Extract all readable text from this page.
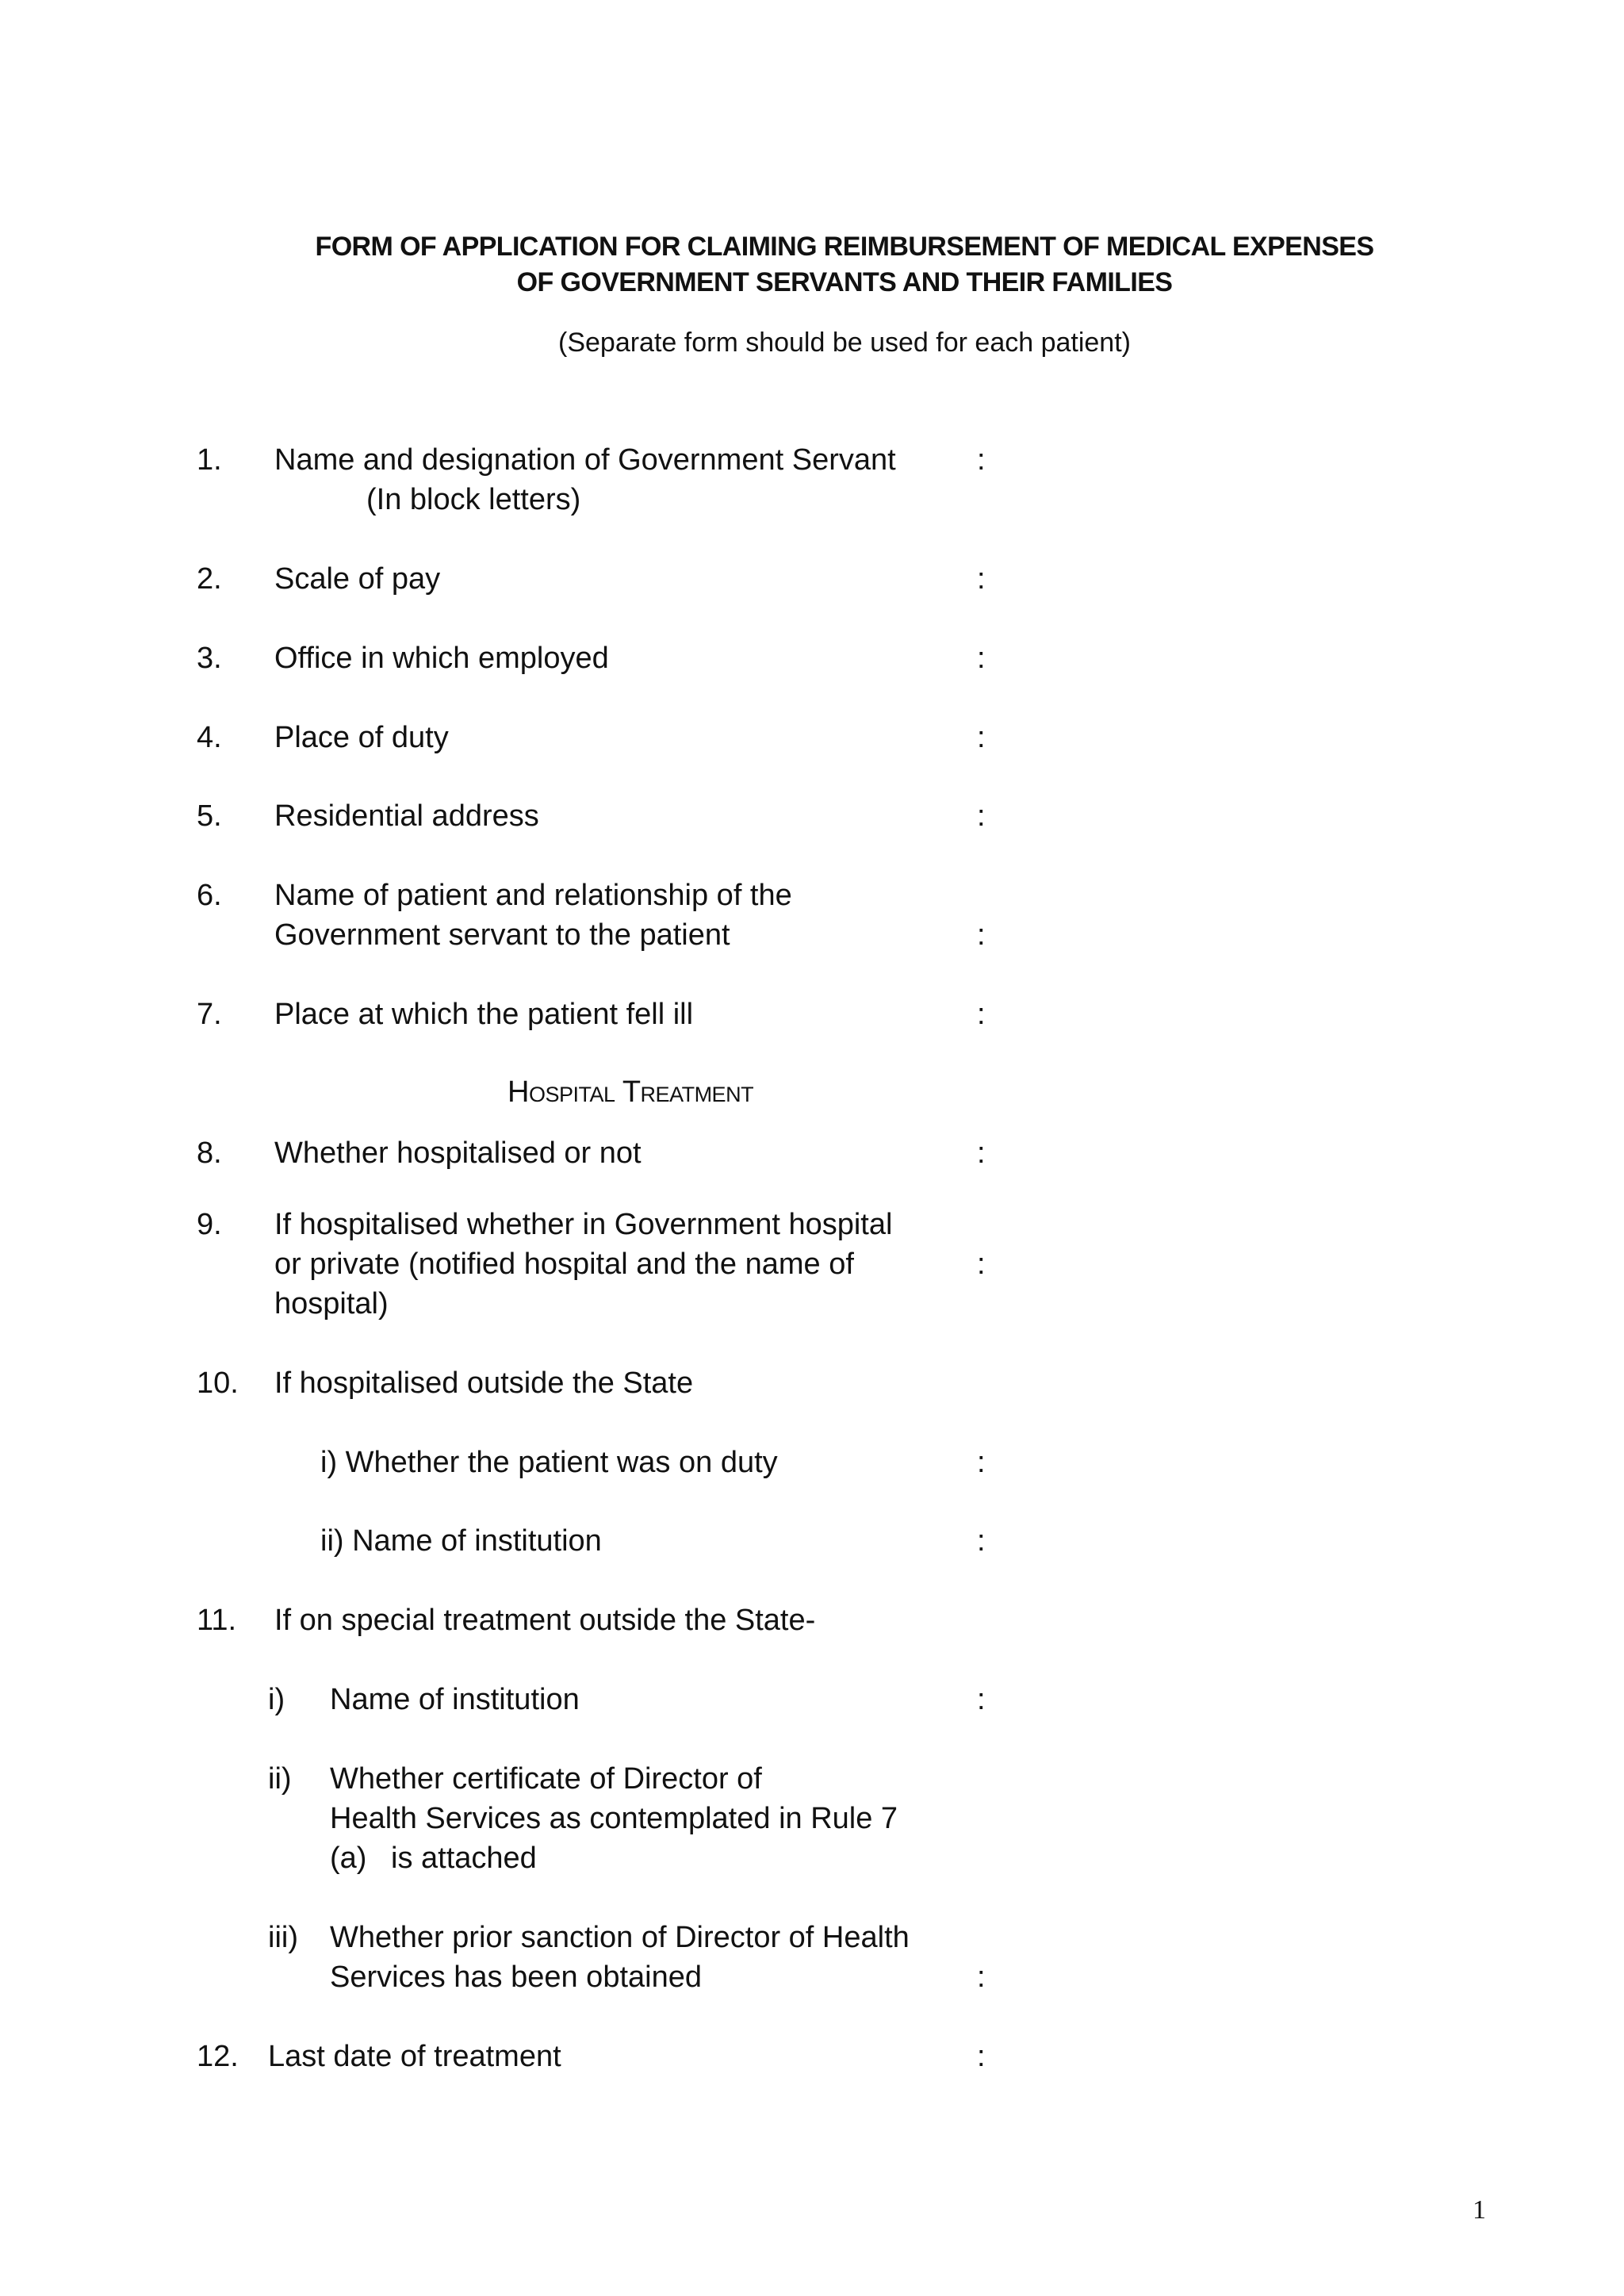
FORM OF APPLICATION FOR CLAIMING REIMBURSEMENT OF MEDICAL EXPENSES
OF GOVERNMENT SERVANTS AND THEIR FAMILIES
(Separate form should be used for each patient)
1. Name and designation of Government Servant	:
(In block letters)
2. Scale of pay	:
3. Office in which employed	:
4. Place of duty	:
5. Residential address	:
6. Name of patient and relationship of the
Government servant to the patient	:
7. Place at which the patient fell ill	:
Hospital Treatment
8. Whether hospitalised or not	:
9. If hospitalised whether in Government hospital
or private (notified hospital and the name of	:
hospital)
10. If hospitalised outside the State
i) Whether the patient was on duty	:
ii) Name of institution	:
11. If on special treatment outside the State-
i) Name of institution	:
ii) Whether certificate of Director of
Health Services as contemplated in Rule 7
(a) is attached
iii) Whether prior sanction of Director of Health
Services has been obtained	:
12. Last date of treatment	:
1
